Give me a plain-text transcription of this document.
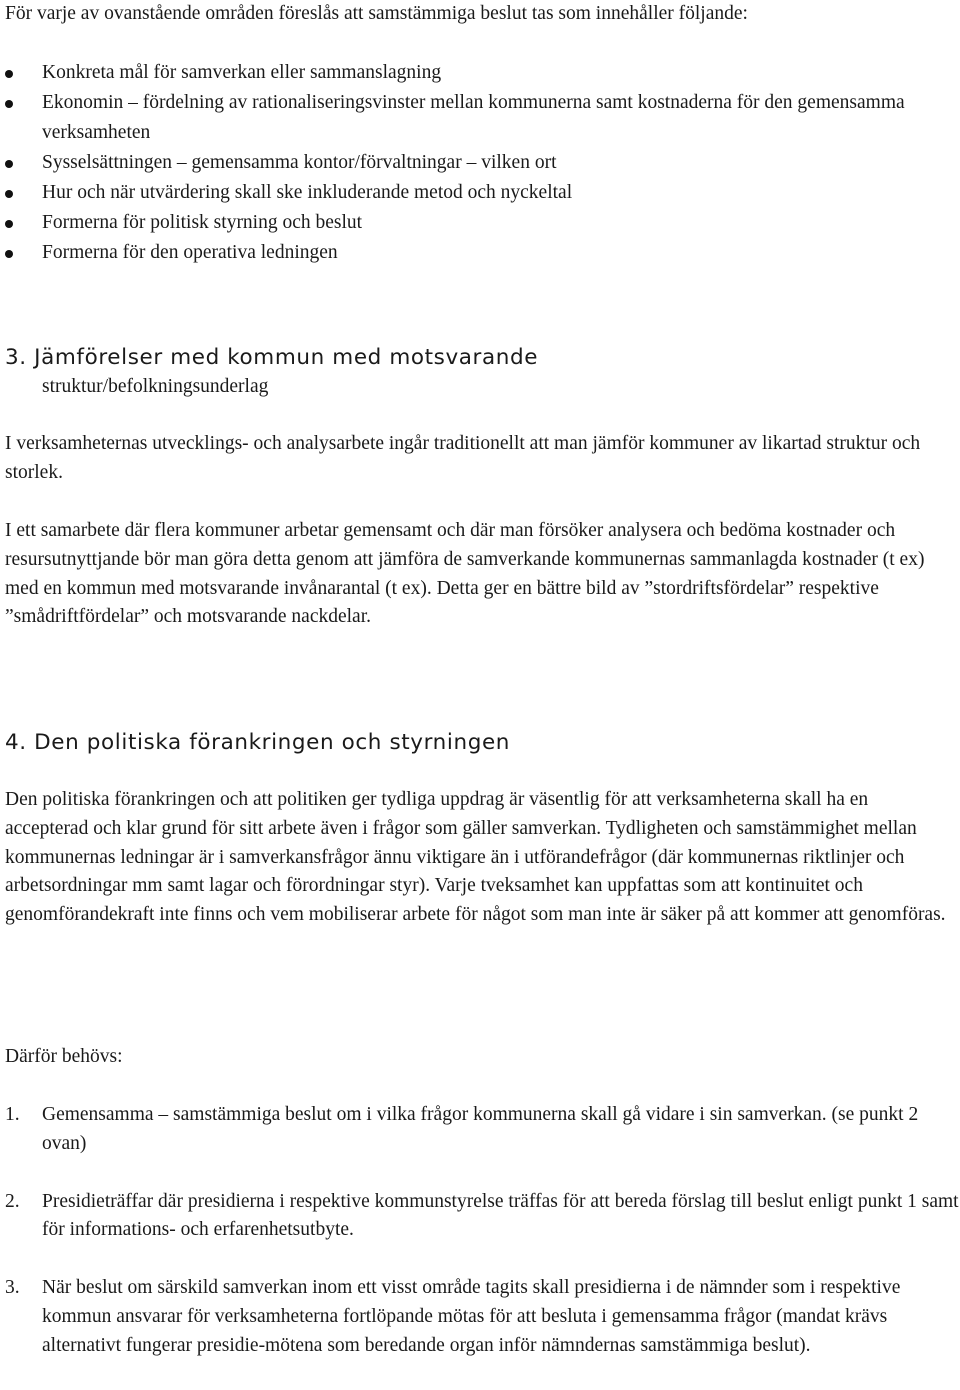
För varje av ovanstående områden föreslås att samstämmiga beslut tas som innehåller följande:

Konkreta mål för samverkan eller sammanslagning
Ekonomin – fördelning av rationaliseringsvinster mellan kommunerna samt kostnaderna för den gemensamma verksamheten
Sysselsättningen – gemensamma kontor/förvaltningar – vilken ort
Hur och när utvärdering skall ske inkluderande metod och nyckeltal
Formerna för politisk styrning och beslut
Formerna för den operativa ledningen
3. Jämförelser med kommun med motsvarande
struktur/befolkningsunderlag

I verksamheternas utvecklings- och analysarbete ingår traditionellt att man jämför kommuner av likartad struktur och storlek.

I ett samarbete där flera kommuner arbetar gemensamt och där man försöker analysera och bedöma kostnader och resursutnyttjande bör man göra detta genom att jämföra de samverkande kommunernas sammanlagda kostnader (t ex) med en kommun med motsvarande invånarantal (t ex). Detta ger en bättre bild av ”stordriftsfördelar” respektive ”smådriftfördelar” och motsvarande nackdelar.

4. Den politiska förankringen och styrningen

Den politiska förankringen och att politiken ger tydliga uppdrag är väsentlig för att verksamheterna skall ha en accepterad och klar grund för sitt arbete även i frågor som gäller samverkan. Tydligheten och samstämmighet mellan kommunernas ledningar är i samverkansfrågor ännu viktigare än i utförandefrågor (där kommunernas riktlinjer och arbetsordningar mm samt lagar och förordningar styr). Varje tveksamhet kan uppfattas som att kontinuitet och genomförandekraft inte finns och vem mobiliserar arbete för något som man inte är säker på att kommer att genomföras.

Därför behövs:

1. Gemensamma – samstämmiga beslut om i vilka frågor kommunerna skall gå vidare i sin samverkan. (se punkt 2 ovan)
2. Presidieträffar där presidierna i respektive kommunstyrelse träffas för att bereda förslag till beslut enligt punkt 1 samt för informations- och erfarenhetsutbyte.
3. När beslut om särskild samverkan inom ett visst område tagits skall presidierna i de nämnder som i respektive kommun ansvarar för verksamheterna fortlöpande mötas för att besluta i gemensamma frågor (mandat krävs alternativt fungerar presidie-mötena som beredande organ inför nämndernas samstämmiga beslut).
